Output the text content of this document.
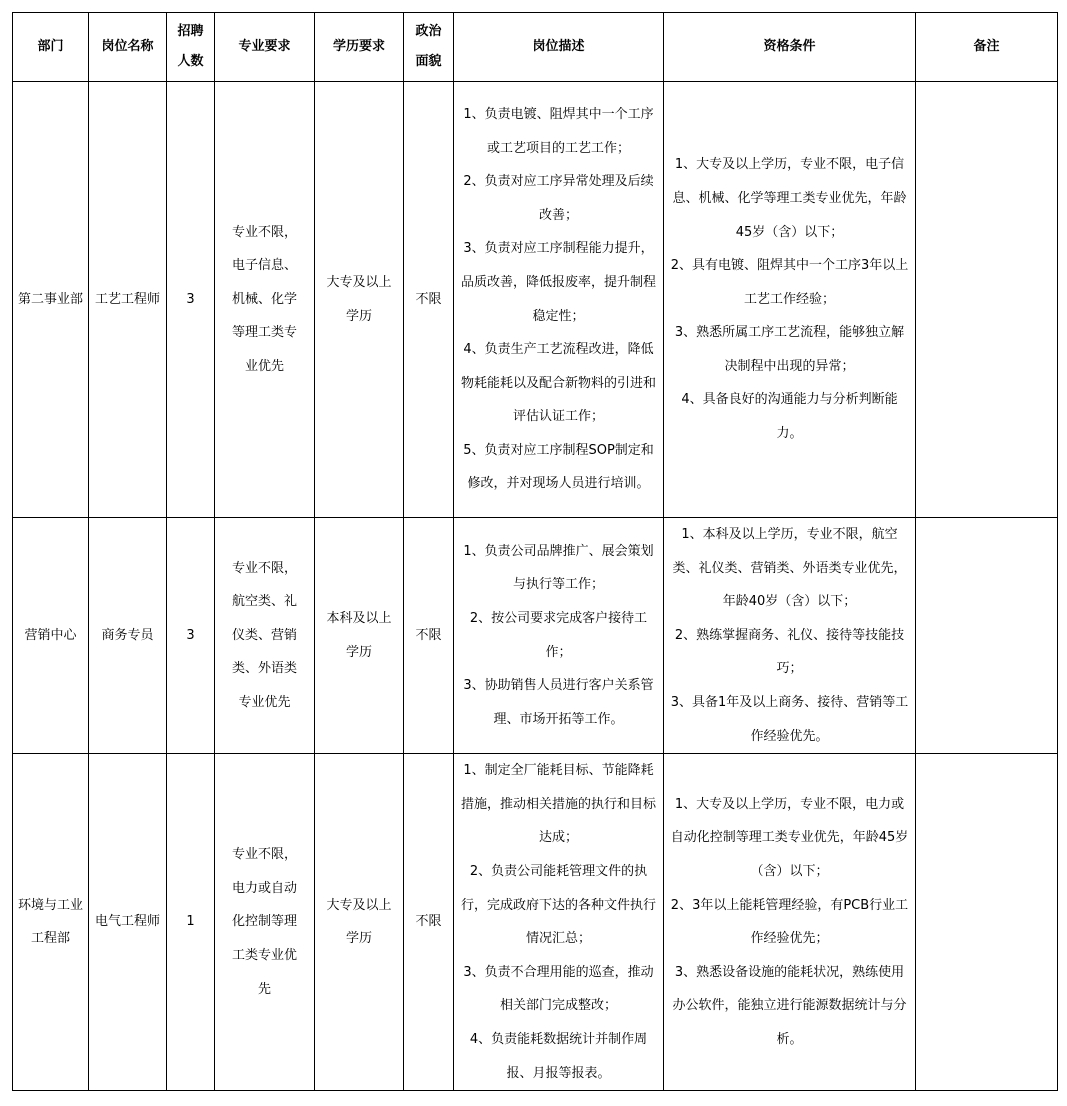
部门	岗位名称	招聘人数	专业要求	学历要求	政治面貌	岗位描述	资格条件	备注
第二事业部	工艺工程师	3	专业不限，电子信息、机械、化学等理工类专业优先	大专及以上学历	不限	1、负责电镀、阻焊其中一个工序或工艺项目的工艺工作；
2、负责对应工序异常处理及后续改善；
3、负责对应工序制程能力提升，品质改善，降低报废率，提升制程稳定性；
4、负责生产工艺流程改进，降低物耗能耗以及配合新物料的引进和评估认证工作；
5、负责对应工序制程SOP制定和修改，并对现场人员进行培训。	1、大专及以上学历，专业不限，电子信息、机械、化学等理工类专业优先，年龄45岁（含）以下；
2、具有电镀、阻焊其中一个工序3年以上工艺工作经验；
3、熟悉所属工序工艺流程，能够独立解决制程中出现的异常；
4、具备良好的沟通能力与分析判断能力。	

营销中心	商务专员	3	专业不限，航空类、礼仪类、营销类、外语类专业优先	本科及以上学历	不限	1、负责公司品牌推广、展会策划与执行等工作；
2、按公司要求完成客户接待工作；
3、协助销售人员进行客户关系管理、市场开拓等工作。	1、本科及以上学历，专业不限，航空类、礼仪类、营销类、外语类专业优先，年龄40岁（含）以下；
2、熟练掌握商务、礼仪、接待等技能技巧；
3、具备1年及以上商务、接待、营销等工作经验优先。	

环境与工业工程部	电气工程师	1	专业不限，电力或自动化控制等理工类专业优先	大专及以上学历	不限	1、制定全厂能耗目标、节能降耗措施，推动相关措施的执行和目标达成；
2、负责公司能耗管理文件的执行，完成政府下达的各种文件执行情况汇总；
3、负责不合理用能的巡查，推动相关部门完成整改；
4、负责能耗数据统计并制作周报、月报等报表。	1、大专及以上学历，专业不限，电力或自动化控制等理工类专业优先，年龄45岁（含）以下；
2、3年以上能耗管理经验，有PCB行业工作经验优先；
3、熟悉设备设施的能耗状况，熟练使用办公软件，能独立进行能源数据统计与分析。	
